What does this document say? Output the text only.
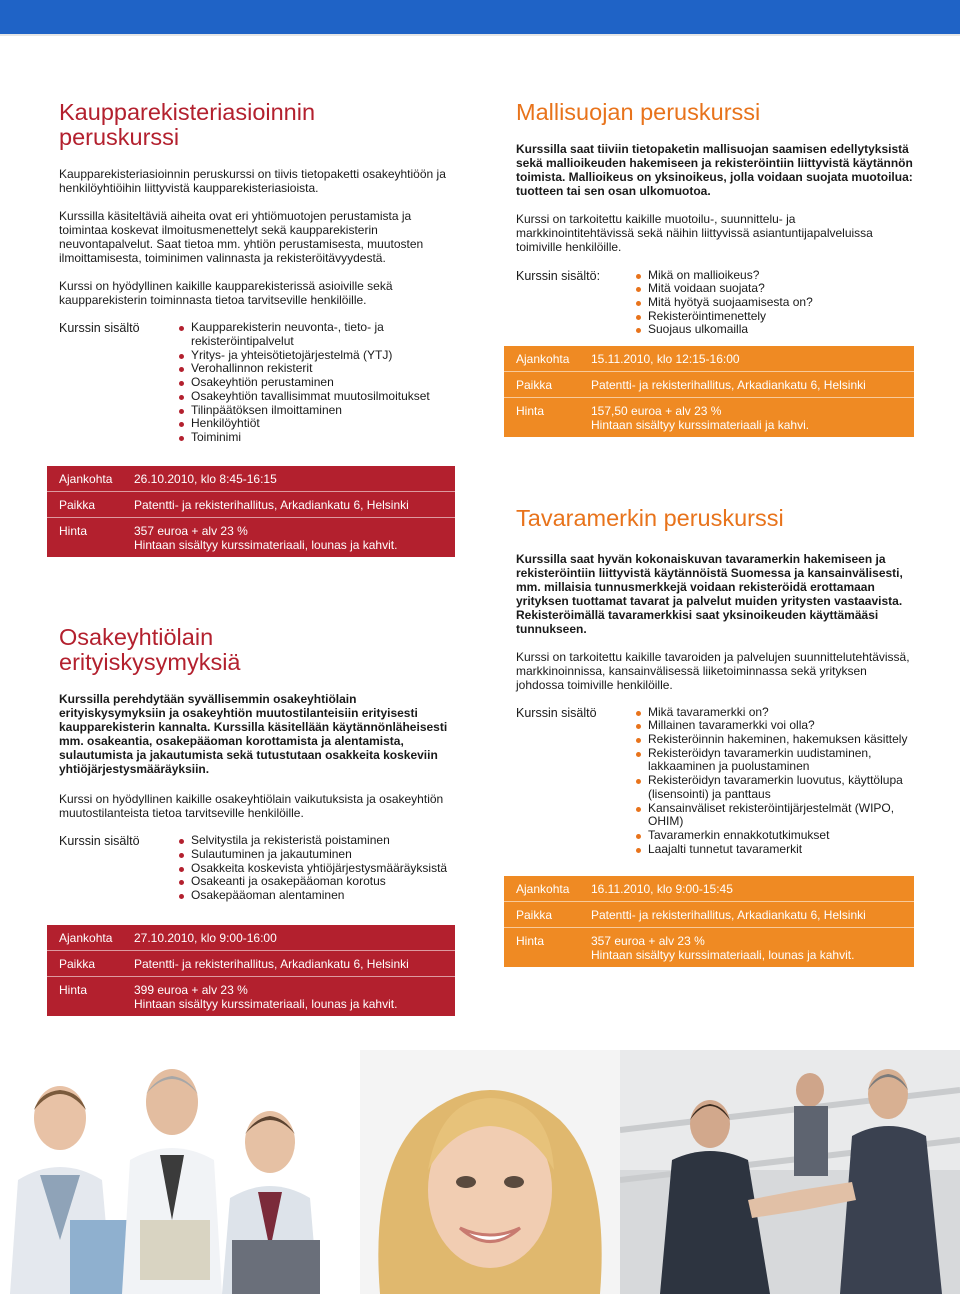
Kaupparekisteriasioinnin
peruskurssi

Kaupparekisteriasioinnin peruskurssi on tiivis tietopaketti osakeyhtiöön ja henkilöyhtiöihin liittyvistä kaupparekisteriasioista.

Kurssilla käsiteltäviä aiheita ovat eri yhtiömuotojen perustamista ja toimintaa koskevat ilmoitusmenettelyt sekä kaupparekisterin neuvontapalvelut. Saat tietoa mm. yhtiön perustamisesta, muutosten ilmoittamisesta, toiminimen valinnasta ja rekisteröitävyydestä.

Kurssi on hyödyllinen kaikille kaupparekisterissä asioiville sekä kaupparekisterin toiminnasta tietoa tarvitseville henkilöille.

Kurssin sisältö	Kaupparekisterin neuvonta-, tieto- ja rekisteröintipalvelut
Yritys- ja yhteisötietojärjestelmä (YTJ)
Verohallinnon rekisterit
Osakeyhtiön perustaminen
Osakeyhtiön tavallisimmat muutosilmoitukset
Tilinpäätöksen ilmoittaminen
Henkilöyhtiöt
Toiminimi
Ajankohta	26.10.2010, klo 8:45-16:15
Paikka	Patentti- ja rekisterihallitus, Arkadiankatu 6, Helsinki
Hinta	357 euroa + alv 23 %
Hintaan sisältyy kurssimateriaali, lounas ja kahvit.
Osakeyhtiölain
erityiskysymyksiä

Kurssilla perehdytään syvällisemmin osakeyhtiölain erityiskysymyksiin ja osakeyhtiön muutostilanteisiin erityisesti kaupparekisterin kannalta. Kurssilla käsitellään käytännönläheisesti mm. osakeantia, osakepääoman korottamista ja alentamista, sulautumista ja jakautumista sekä tutustutaan osakkeita koskeviin yhtiöjärjestysmääräyksiin.

Kurssi on hyödyllinen kaikille osakeyhtiölain vaikutuksista ja osakeyhtiön muutostilanteista tietoa tarvitseville henkilöille.

Kurssin sisältö	Selvitystila ja rekisteristä poistaminen
Sulautuminen ja jakautuminen
Osakkeita koskevista yhtiöjärjestysmääräyksistä
Osakeanti ja osakepääoman korotus
Osakepääoman alentaminen
Ajankohta	27.10.2010, klo 9:00-16:00
Paikka	Patentti- ja rekisterihallitus, Arkadiankatu 6, Helsinki
Hinta	399 euroa + alv 23 %
Hintaan sisältyy kurssimateriaali, lounas ja kahvit.
Mallisuojan peruskurssi

Kurssilla saat tiiviin tietopaketin mallisuojan saamisen edellytyksistä sekä mallioikeuden hakemiseen ja rekisteröintiin liittyvistä käytännön toimista. Mallioikeus on yksinoikeus, jolla voidaan suojata muotoilua: tuotteen tai sen osan ulkomuotoa.

Kurssi on tarkoitettu kaikille muotoilu-, suunnittelu- ja markkinointitehtävissä sekä näihin liittyvissä asiantuntijapalveluissa toimiville henkilöille.

Kurssin sisältö:	Mikä on mallioikeus?
Mitä voidaan suojata?
Mitä hyötyä suojaamisesta on?
Rekisteröintimenettely
Suojaus ulkomailla
Ajankohta	15.11.2010, klo 12:15-16:00
Paikka	Patentti- ja rekisterihallitus, Arkadiankatu 6, Helsinki
Hinta	157,50 euroa + alv 23 %
Hintaan sisältyy kurssimateriaali ja kahvi.
Tavaramerkin peruskurssi

Kurssilla saat hyvän kokonaiskuvan tavaramerkin hakemiseen ja rekisteröintiin liittyvistä käytännöistä Suomessa ja kansainvälisesti, mm. millaisia tunnusmerkkejä voidaan rekisteröidä erottamaan yrityksen tuottamat tavarat ja palvelut muiden yritysten vastaavista. Rekisteröimällä tavaramerkkisi saat yksinoikeuden käyttämääsi tunnukseen.

Kurssi on tarkoitettu kaikille tavaroiden ja palvelujen suunnittelutehtävissä, markkinoinnissa, kansainvälisessä liiketoiminnassa sekä yrityksen johdossa toimiville henkilöille.

Kurssin sisältö	Mikä tavaramerkki on?
Millainen tavaramerkki voi olla?
Rekisteröinnin hakeminen, hakemuksen käsittely
Rekisteröidyn tavaramerkin uudistaminen, lakkaaminen ja puolustaminen
Rekisteröidyn tavaramerkin luovutus, käyttölupa (lisensointi) ja panttaus
Kansainväliset rekisteröintijärjestelmät (WIPO, OHIM)
Tavaramerkin ennakkotutkimukset
Laajalti tunnetut tavaramerkit
Ajankohta	16.11.2010, klo 9:00-15:45
Paikka	Patentti- ja rekisterihallitus, Arkadiankatu 6, Helsinki
Hinta	357 euroa + alv 23 %
Hintaan sisältyy kurssimateriaali, lounas ja kahvit.
